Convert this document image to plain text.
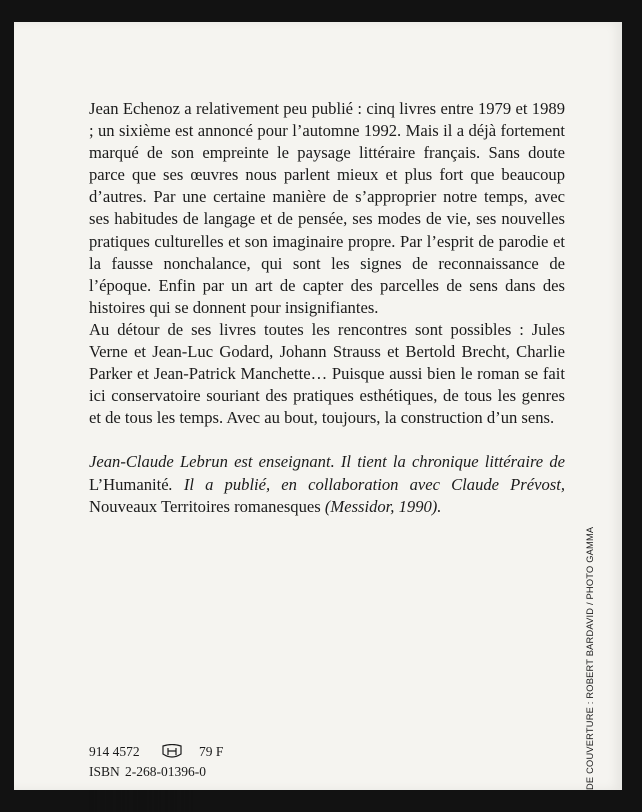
Jean Echenoz a relativement peu publié : cinq livres entre 1979 et 1989 ; un sixième est annoncé pour l’automne 1992. Mais il a déjà fortement marqué de son empreinte le paysage littéraire français. Sans doute parce que ses œuvres nous parlent mieux et plus fort que beaucoup d’autres. Par une certaine manière de s’approprier notre temps, avec ses habitudes de langage et de pensée, ses modes de vie, ses nouvelles pratiques culturelles et son imaginaire propre. Par l’esprit de parodie et la fausse nonchalance, qui sont les signes de reconnaissance de l’époque. Enfin par un art de capter des parcelles de sens dans des histoires qui se donnent pour insignifiantes.

Au détour de ses livres toutes les rencontres sont possibles : Jules Verne et Jean-Luc Godard, Johann Strauss et Bertold Brecht, Charlie Parker et Jean-Patrick Manchette… Puisque aussi bien le roman se fait ici conservatoire souriant des pratiques esthétiques, de tous les genres et de tous les temps. Avec au bout, toujours, la construction d’un sens.

Jean-Claude Lebrun est enseignant. Il tient la chronique littéraire de L’Humanité. Il a publié, en collaboration avec Claude Prévost, Nouveaux Territoires romanesques (Messidor, 1990).

914 4572	79 F
ISBN 2-268-01396-0	DE COUVERTURE : ROBERT BARDAVID / PHOTO GAMMA
